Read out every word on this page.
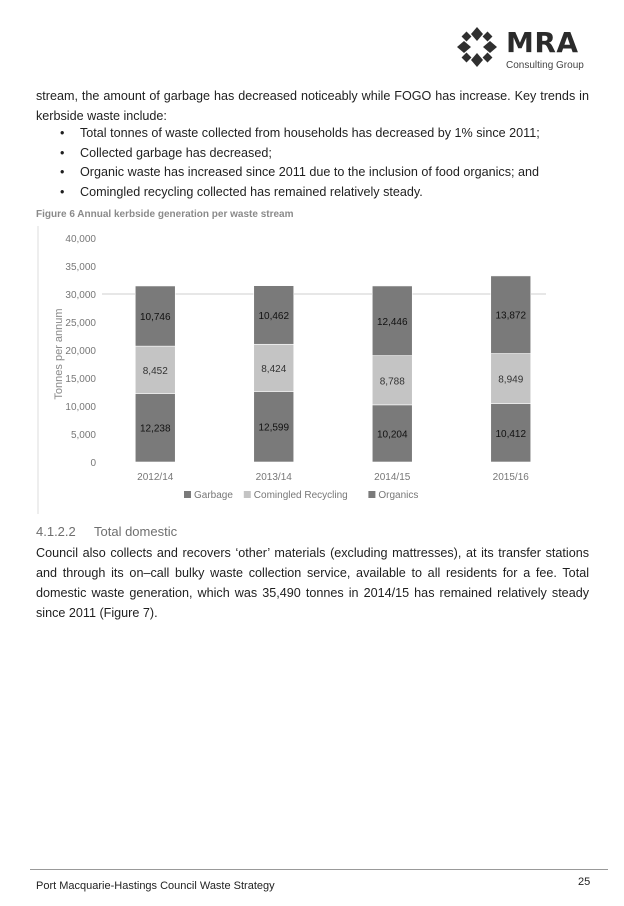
MRA
Consulting Group
stream, the amount of garbage has decreased noticeably while FOGO has increase. Key trends in kerbside waste include:
• Total tonnes of waste collected from households has decreased by 1% since 2011;
• Collected garbage has decreased;
• Organic waste has increased since 2011 due to the inclusion of food organics; and
• Comingled recycling collected has remained relatively steady.
Figure 6 Annual kerbside generation per waste stream
0
5,000
10,000
15,000
20,000
25,000
30,000
35,000
40,000
Tonnes per annum
12,238
8,452
10,746
2012/14
12,599
8,424
10,462
2013/14
10,204
8,788
12,446
2014/15
10,412
8,949
13,872
2015/16
Garbage Comingled Recycling	Organics
4.1.2.2 Total domestic
Council also collects and recovers ‘other’ materials (excluding mattresses), at its transfer stations and through its on–call bulky waste collection service, available to all residents for a fee. Total domestic waste generation, which was 35,490 tonnes in 2014/15 has remained relatively steady since 2011 (Figure 7).
Port Macquarie-Hastings Council Waste Strategy	25
